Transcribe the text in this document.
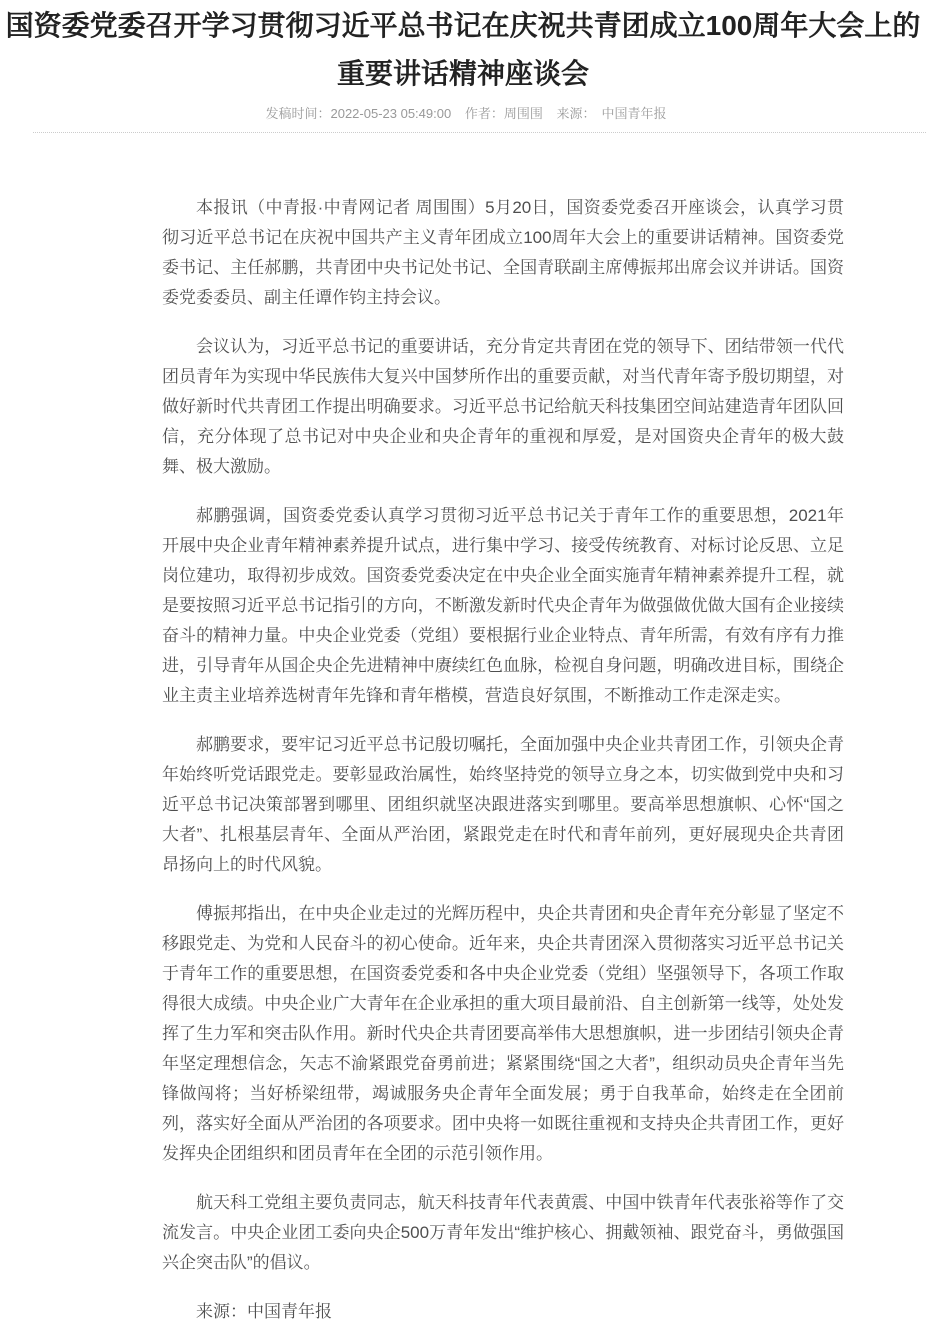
国资委党委召开学习贯彻习近平总书记在庆祝共青团成立100周年大会上的重要讲话精神座谈会
发稿时间：2022-05-23 05:49:00 作者：周围围 来源： 中国青年报

本报讯（中青报·中青网记者 周围围）5月20日，国资委党委召开座谈会，认真学习贯彻习近平总书记在庆祝中国共产主义青年团成立100周年大会上的重要讲话精神。国资委党委书记、主任郝鹏，共青团中央书记处书记、全国青联副主席傅振邦出席会议并讲话。国资委党委委员、副主任谭作钧主持会议。

会议认为，习近平总书记的重要讲话，充分肯定共青团在党的领导下、团结带领一代代团员青年为实现中华民族伟大复兴中国梦所作出的重要贡献，对当代青年寄予殷切期望，对做好新时代共青团工作提出明确要求。习近平总书记给航天科技集团空间站建造青年团队回信，充分体现了总书记对中央企业和央企青年的重视和厚爱，是对国资央企青年的极大鼓舞、极大激励。

郝鹏强调，国资委党委认真学习贯彻习近平总书记关于青年工作的重要思想，2021年开展中央企业青年精神素养提升试点，进行集中学习、接受传统教育、对标讨论反思、立足岗位建功，取得初步成效。国资委党委决定在中央企业全面实施青年精神素养提升工程，就是要按照习近平总书记指引的方向，不断激发新时代央企青年为做强做优做大国有企业接续奋斗的精神力量。中央企业党委（党组）要根据行业企业特点、青年所需，有效有序有力推进，引导青年从国企央企先进精神中赓续红色血脉，检视自身问题，明确改进目标，围绕企业主责主业培养选树青年先锋和青年楷模，营造良好氛围，不断推动工作走深走实。

郝鹏要求，要牢记习近平总书记殷切嘱托，全面加强中央企业共青团工作，引领央企青年始终听党话跟党走。要彰显政治属性，始终坚持党的领导立身之本，切实做到党中央和习近平总书记决策部署到哪里、团组织就坚决跟进落实到哪里。要高举思想旗帜、心怀“国之大者”、扎根基层青年、全面从严治团，紧跟党走在时代和青年前列，更好展现央企共青团昂扬向上的时代风貌。

傅振邦指出，在中央企业走过的光辉历程中，央企共青团和央企青年充分彰显了坚定不移跟党走、为党和人民奋斗的初心使命。近年来，央企共青团深入贯彻落实习近平总书记关于青年工作的重要思想，在国资委党委和各中央企业党委（党组）坚强领导下，各项工作取得很大成绩。中央企业广大青年在企业承担的重大项目最前沿、自主创新第一线等，处处发挥了生力军和突击队作用。新时代央企共青团要高举伟大思想旗帜，进一步团结引领央企青年坚定理想信念，矢志不渝紧跟党奋勇前进；紧紧围绕“国之大者”，组织动员央企青年当先锋做闯将；当好桥梁纽带，竭诚服务央企青年全面发展；勇于自我革命，始终走在全团前列，落实好全面从严治团的各项要求。团中央将一如既往重视和支持央企共青团工作，更好发挥央企团组织和团员青年在全团的示范引领作用。

航天科工党组主要负责同志，航天科技青年代表黄震、中国中铁青年代表张裕等作了交流发言。中央企业团工委向央企500万青年发出“维护核心、拥戴领袖、跟党奋斗，勇做强国兴企突击队”的倡议。

来源：中国青年报
